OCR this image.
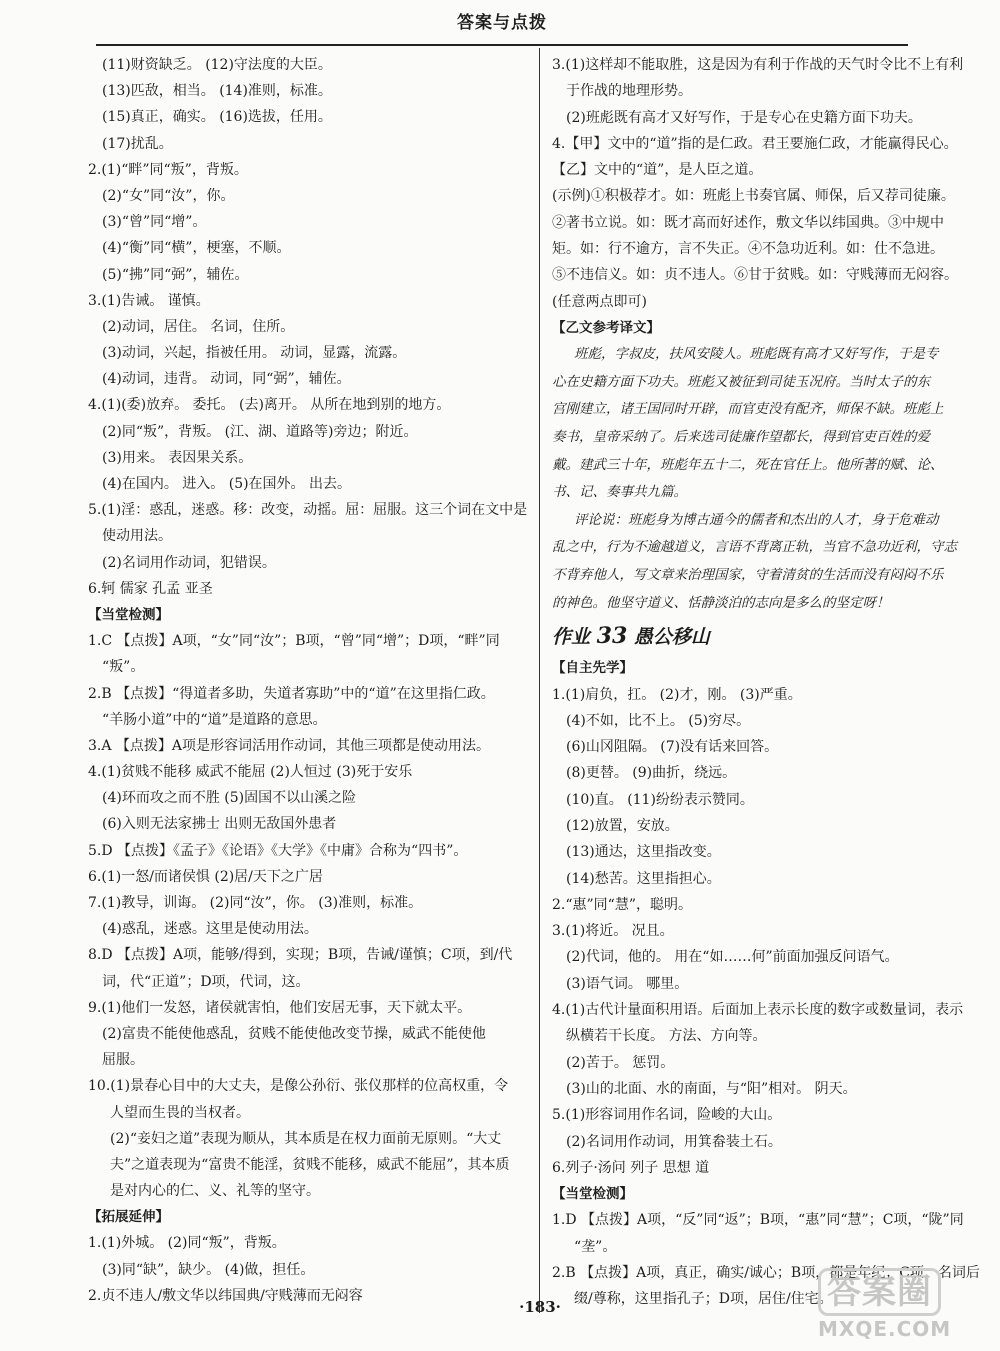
答案与点拨
(11)财资缺乏。 (12)守法度的大臣。
(13)匹敌，相当。 (14)准则，标准。
(15)真正，确实。 (16)选拔，任用。
(17)扰乱。
2.(1)“畔”同“叛”，背叛。
(2)“女”同“汝”，你。
(3)“曾”同“增”。
(4)“衡”同“横”，梗塞，不顺。
(5)“拂”同“弼”，辅佐。
3.(1)告诫。 谨慎。
(2)动词，居住。 名词，住所。
(3)动词，兴起，指被任用。 动词，显露，流露。
(4)动词，违背。 动词，同“弼”，辅佐。
4.(1)(委)放弃。 委托。 (去)离开。 从所在地到别的地方。
(2)同“叛”，背叛。 (江、湖、道路等)旁边；附近。
(3)用来。 表因果关系。
(4)在国内。 进入。 (5)在国外。 出去。
5.(1)淫：惑乱，迷惑。移：改变，动摇。屈：屈服。这三个词在文中是
使动用法。
(2)名词用作动词，犯错误。
6.轲 儒家 孔孟 亚圣
【当堂检测】
1.C 【点拨】A项，“女”同“汝”；B项，“曾”同“增”；D项，“畔”同
“叛”。
2.B 【点拨】“得道者多助，失道者寡助”中的“道”在这里指仁政。
“羊肠小道”中的“道”是道路的意思。
3.A 【点拨】A项是形容词活用作动词，其他三项都是使动用法。
4.(1)贫贱不能移 威武不能屈 (2)人恒过 (3)死于安乐
(4)环而攻之而不胜 (5)固国不以山溪之险
(6)入则无法家拂士 出则无敌国外患者
5.D 【点拨】《孟子》《论语》《大学》《中庸》合称为“四书”。
6.(1)一怒/而诸侯惧 (2)居/天下之广居
7.(1)教导，训诲。 (2)同“汝”，你。 (3)准则，标准。
(4)惑乱，迷惑。这里是使动用法。
8.D 【点拨】A项，能够/得到，实现；B项，告诫/谨慎；C项，到/代
词，代“正道”；D项，代词，这。
9.(1)他们一发怒，诸侯就害怕，他们安居无事，天下就太平。
(2)富贵不能使他惑乱，贫贱不能使他改变节操，威武不能使他
屈服。
10.(1)景春心目中的大丈夫，是像公孙衍、张仪那样的位高权重，令
人望而生畏的当权者。
(2)“妾妇之道”表现为顺从，其本质是在权力面前无原则。“大丈
夫”之道表现为“富贵不能淫，贫贱不能移，威武不能屈”，其本质
是对内心的仁、义、礼等的坚守。
【拓展延伸】
1.(1)外城。 (2)同“叛”，背叛。
(3)同“缺”，缺少。 (4)做，担任。
2.贞不违人/敷文华以纬国典/守贱薄而无闷容
3.(1)这样却不能取胜，这是因为有利于作战的天气时令比不上有利
于作战的地理形势。
(2)班彪既有高才又好写作，于是专心在史籍方面下功夫。
4.【甲】文中的“道”指的是仁政。君王要施仁政，才能赢得民心。
【乙】文中的“道”，是人臣之道。
(示例)①积极荐才。如：班彪上书奏官属、师保，后又荐司徒廉。
②著书立说。如：既才高而好述作，敷文华以纬国典。③中规中
矩。如：行不逾方，言不失正。④不急功近利。如：仕不急进。
⑤不违信义。如：贞不违人。⑥甘于贫贱。如：守贱薄而无闷容。
(任意两点即可)
【乙文参考译文】
班彪，字叔皮，扶风安陵人。班彪既有高才又好写作，于是专
心在史籍方面下功夫。班彪又被征到司徒玉况府。当时太子的东
宫刚建立，诸王国同时开辟，而官吏没有配齐，师保不缺。班彪上
奏书，皇帝采纳了。后来选司徒廉作望都长，得到官吏百姓的爱
戴。建武三十年，班彪年五十二，死在官任上。他所著的赋、论、
书、记、奏事共九篇。
评论说：班彪身为博古通今的儒者和杰出的人才，身于危难动
乱之中，行为不逾越道义，言语不背离正轨，当官不急功近利，守志
不背弃他人，写文章来治理国家，守着清贫的生活而没有闷闷不乐
的神色。他坚守道义、恬静淡泊的志向是多么的坚定呀！
作业 33 愚公移山
【自主先学】
1.(1)肩负，扛。 (2)才，刚。 (3)严重。
(4)不如，比不上。 (5)穷尽。
(6)山冈阻隔。 (7)没有话来回答。
(8)更替。 (9)曲折，绕远。
(10)直。 (11)纷纷表示赞同。
(12)放置，安放。
(13)通达，这里指改变。
(14)愁苦。这里指担心。
2.“惠”同“慧”，聪明。
3.(1)将近。 况且。
(2)代词，他的。 用在“如……何”前面加强反问语气。
(3)语气词。 哪里。
4.(1)古代计量面积用语。后面加上表示长度的数字或数量词，表示
纵横若干长度。 方法、方向等。
(2)苦于。 惩罚。
(3)山的北面、水的南面，与“阳”相对。 阴天。
5.(1)形容词用作名词，险峻的大山。
(2)名词用作动词，用箕畚装土石。
6.列子·汤问 列子 思想 道
【当堂检测】
1.D 【点拨】A项，“反”同“返”；B项，“惠”同“慧”；C项，“陇”同
“垄”。
2.B 【点拨】A项，真正，确实/诚心；B项，都是年纪；C项，名词后
缀/尊称，这里指孔子；D项，居住/住宅。
·183·	答案圈
MXQE.COM
